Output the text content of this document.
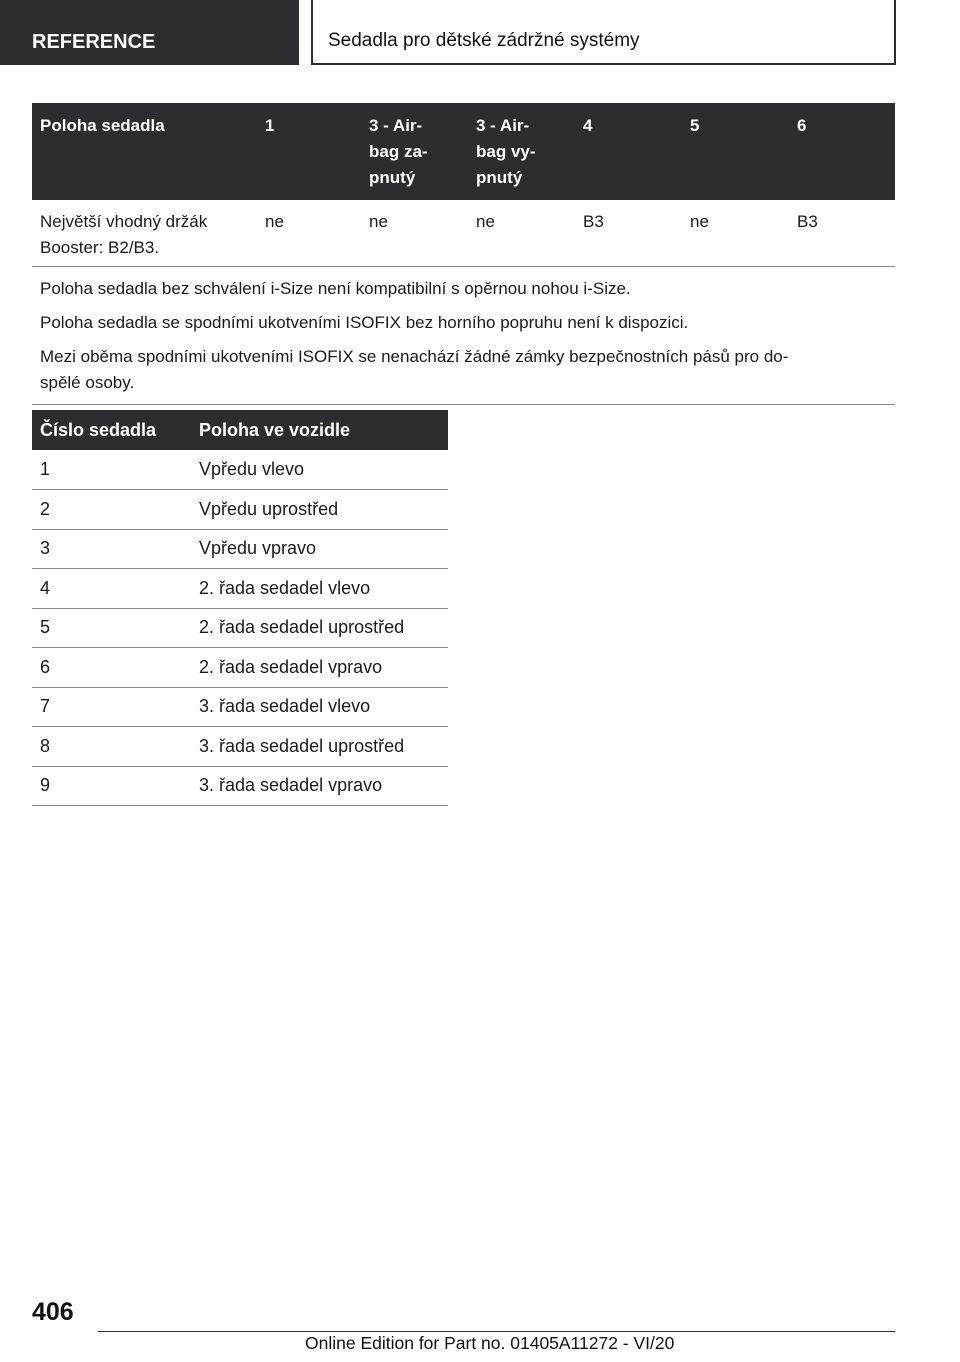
REFERENCE	Sedadla pro dětské zádržné systémy
Poloha sedadla	1	3 - Air-
bag za-
pnutý	3 - Air-
bag vy-
pnutý	4	5	6
Největší vhodný držák
Booster: B2/B3.	ne	ne	ne	B3	ne	B3

Poloha sedadla bez schválení i-Size není kompatibilní s opěrnou nohou i-Size.

Poloha sedadla se spodními ukotveními ISOFIX bez horního popruhu není k dispozici.

Mezi oběma spodními ukotveními ISOFIX se nenachází žádné zámky bezpečnostních pásů pro do-
spělé osoby.						

Číslo sedadla	Poloha ve vozidle
1	Vpředu vlevo
2	Vpředu uprostřed
3	Vpředu vpravo
4	2. řada sedadel vlevo
5	2. řada sedadel uprostřed
6	2. řada sedadel vpravo
7	3. řada sedadel vlevo
8	3. řada sedadel uprostřed
9	3. řada sedadel vpravo
406
Online Edition for Part no. 01405A11272 - VI/20
